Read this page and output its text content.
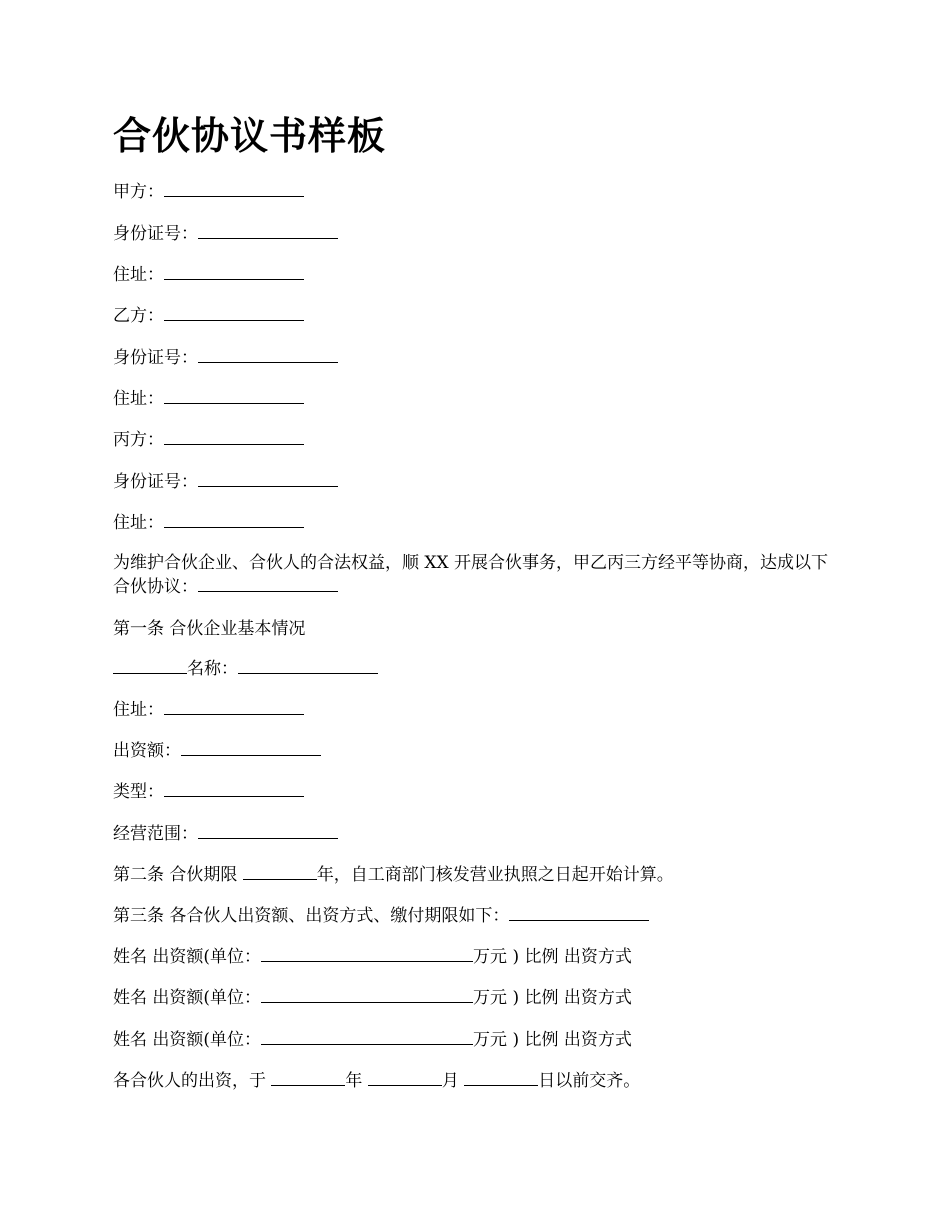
合伙协议书样板
甲方：
身份证号：
住址：
乙方：
身份证号：
住址：
丙方：
身份证号：
住址：
为维护合伙企业、合伙人的合法权益，顺 XX 开展合伙事务，甲乙丙三方经平等协商，达成以下合伙协议：
第一条 合伙企业基本情况
名称：
住址：
出资额：
类型：
经营范围：
第二条 合伙期限	年，自工商部门核发营业执照之日起开始计算。
第三条 各合伙人出资额、出资方式、缴付期限如下：
姓名 出资额(单位：	万元 ) 比例 出资方式
姓名 出资额(单位：	万元 ) 比例 出资方式
姓名 出资额(单位：	万元 ) 比例 出资方式
各合伙人的出资，于	年	月	日以前交齐。
